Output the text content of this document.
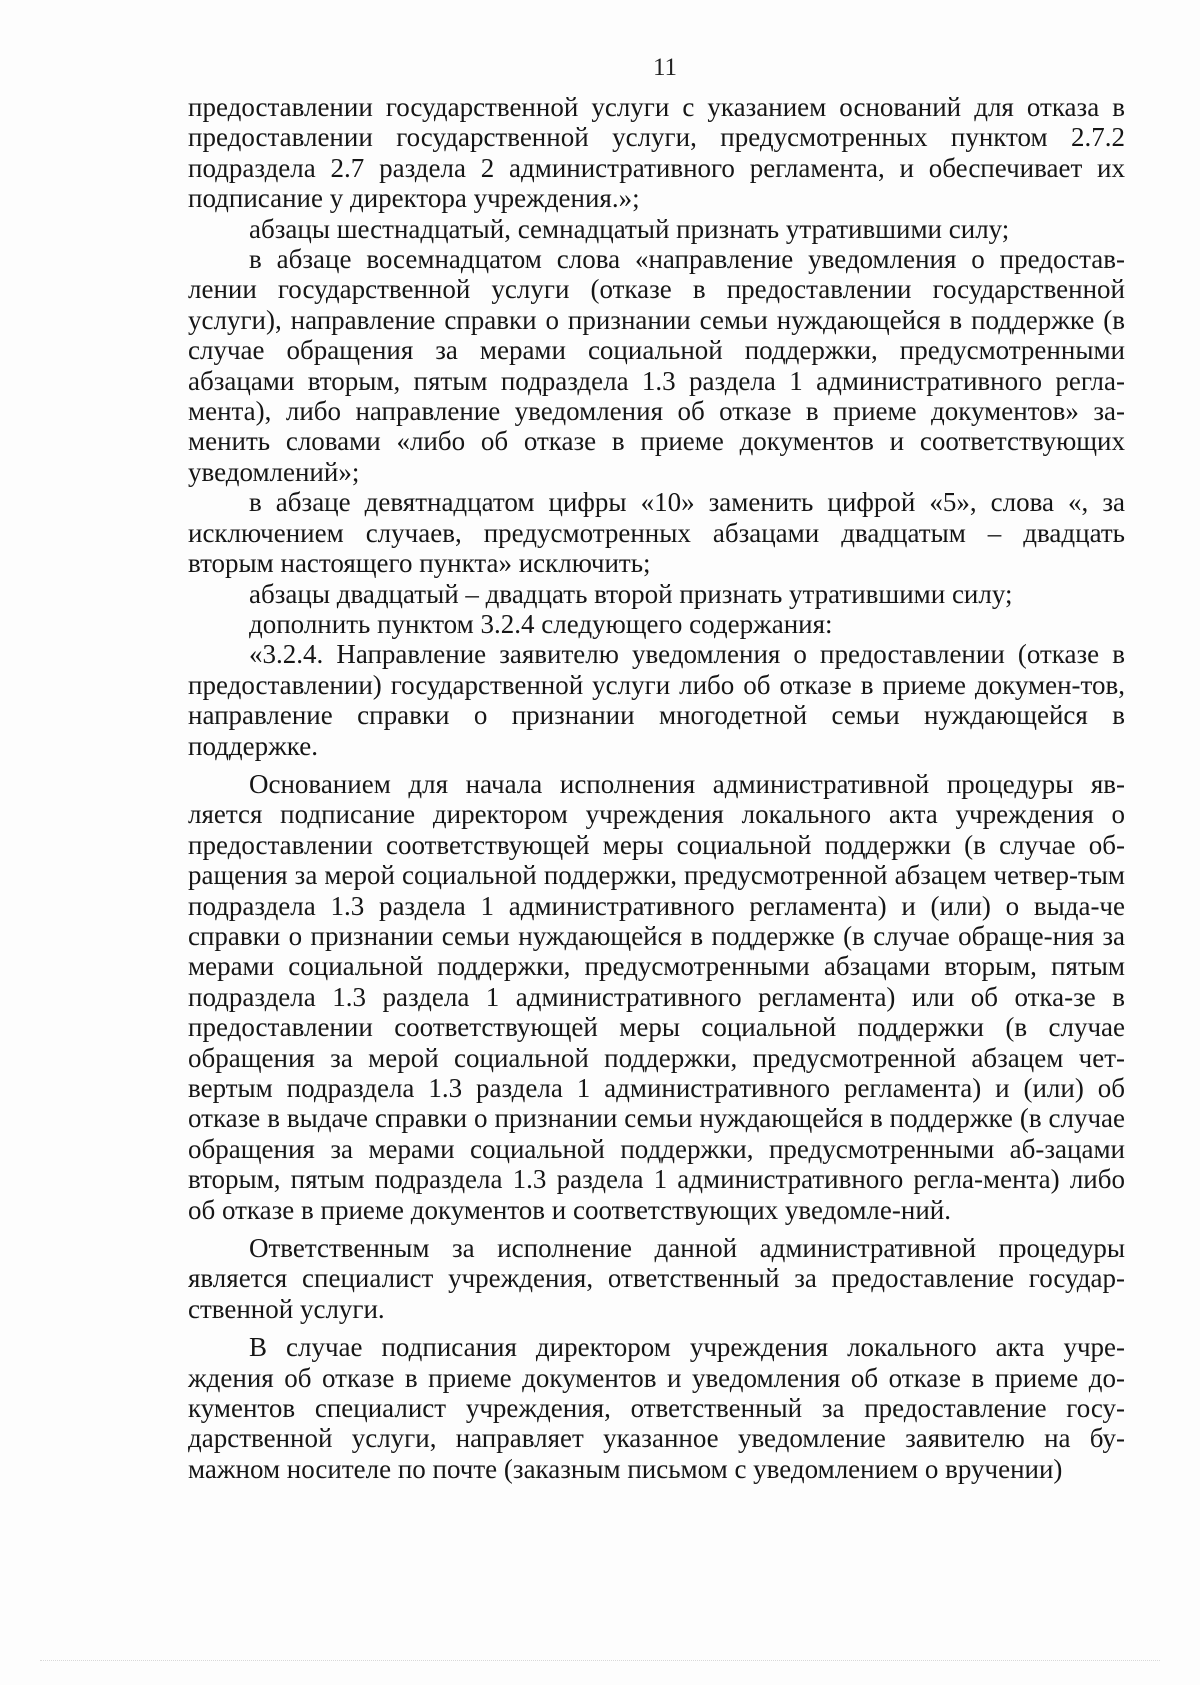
11

предоставлении государственной услуги с указанием оснований для отказа в предоставлении государственной услуги, предусмотренных пунктом 2.7.2 подраздела 2.7 раздела 2 административного регламента, и обеспечивает их подписание у директора учреждения.»;

абзацы шестнадцатый, семнадцатый признать утратившими силу;

в абзаце восемнадцатом слова «направление уведомления о предостав-лении государственной услуги (отказе в предоставлении государственной услуги), направление справки о признании семьи нуждающейся в поддержке (в случае обращения за мерами социальной поддержки, предусмотренными абзацами вторым, пятым подраздела 1.3 раздела 1 административного регла-мента), либо направление уведомления об отказе в приеме документов» за-менить словами «либо об отказе в приеме документов и соответствующих уведомлений»;

в абзаце девятнадцатом цифры «10» заменить цифрой «5», слова «, за исключением случаев, предусмотренных абзацами двадцатым – двадцать вторым настоящего пункта» исключить;

абзацы двадцатый – двадцать второй признать утратившими силу;

дополнить пунктом 3.2.4 следующего содержания:

«3.2.4. Направление заявителю уведомления о предоставлении (отказе в предоставлении) государственной услуги либо об отказе в приеме докумен-тов, направление справки о признании многодетной семьи нуждающейся в поддержке.

Основанием для начала исполнения административной процедуры яв-ляется подписание директором учреждения локального акта учреждения о предоставлении соответствующей меры социальной поддержки (в случае об-ращения за мерой социальной поддержки, предусмотренной абзацем четвер-тым подраздела 1.3 раздела 1 административного регламента) и (или) о выда-че справки о признании семьи нуждающейся в поддержке (в случае обраще-ния за мерами социальной поддержки, предусмотренными абзацами вторым, пятым подраздела 1.3 раздела 1 административного регламента) или об отка-зе в предоставлении соответствующей меры социальной поддержки (в случае обращения за мерой социальной поддержки, предусмотренной абзацем чет-вертым подраздела 1.3 раздела 1 административного регламента) и (или) об отказе в выдаче справки о признании семьи нуждающейся в поддержке (в случае обращения за мерами социальной поддержки, предусмотренными аб-зацами вторым, пятым подраздела 1.3 раздела 1 административного регла-мента) либо об отказе в приеме документов и соответствующих уведомле-ний.

Ответственным за исполнение данной административной процедуры является специалист учреждения, ответственный за предоставление государ-ственной услуги.

В случае подписания директором учреждения локального акта учре-ждения об отказе в приеме документов и уведомления об отказе в приеме до-кументов специалист учреждения, ответственный за предоставление госу-дарственной услуги, направляет указанное уведомление заявителю на бу-мажном носителе по почте (заказным письмом с уведомлением о вручении)
